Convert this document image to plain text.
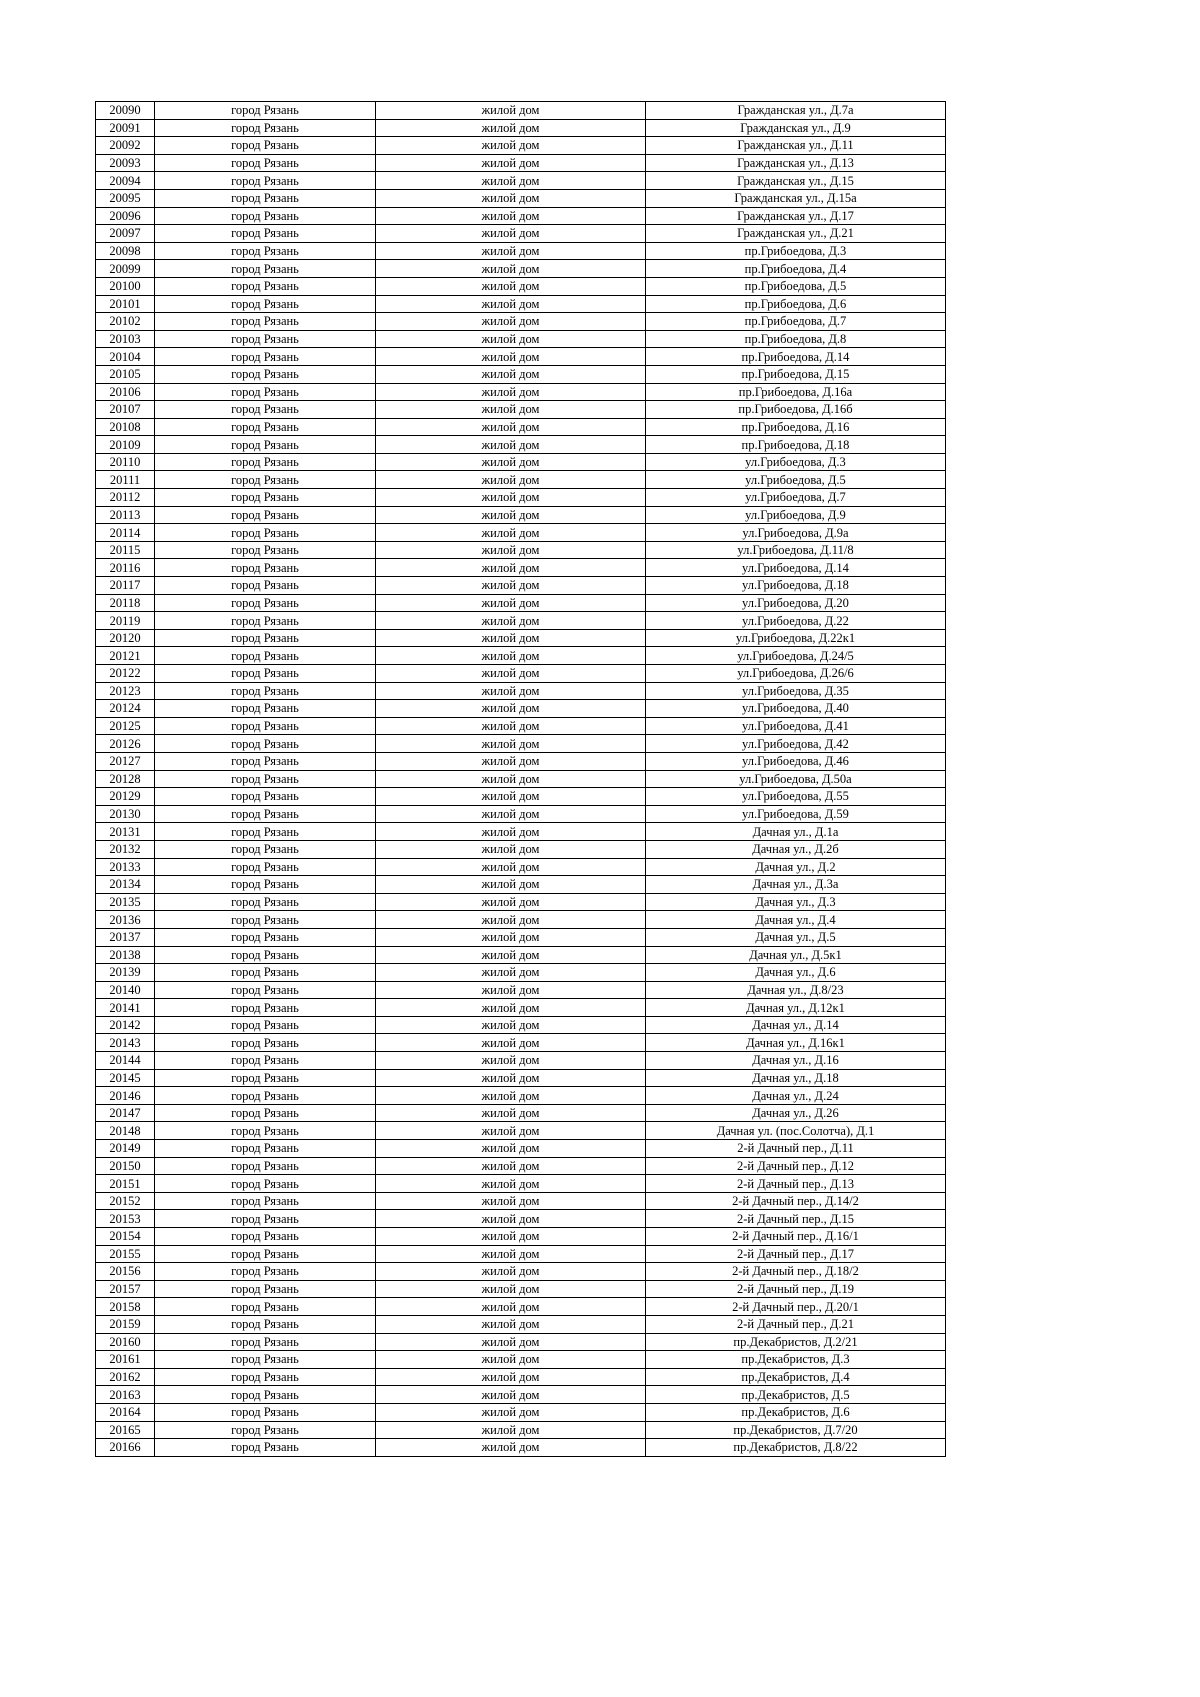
20090	город Рязань	жилой дом	Гражданская ул., Д.7а
20091	город Рязань	жилой дом	Гражданская ул., Д.9
20092	город Рязань	жилой дом	Гражданская ул., Д.11
20093	город Рязань	жилой дом	Гражданская ул., Д.13
20094	город Рязань	жилой дом	Гражданская ул., Д.15
20095	город Рязань	жилой дом	Гражданская ул., Д.15а
20096	город Рязань	жилой дом	Гражданская ул., Д.17
20097	город Рязань	жилой дом	Гражданская ул., Д.21
20098	город Рязань	жилой дом	пр.Грибоедова, Д.3
20099	город Рязань	жилой дом	пр.Грибоедова, Д.4
20100	город Рязань	жилой дом	пр.Грибоедова, Д.5
20101	город Рязань	жилой дом	пр.Грибоедова, Д.6
20102	город Рязань	жилой дом	пр.Грибоедова, Д.7
20103	город Рязань	жилой дом	пр.Грибоедова, Д.8
20104	город Рязань	жилой дом	пр.Грибоедова, Д.14
20105	город Рязань	жилой дом	пр.Грибоедова, Д.15
20106	город Рязань	жилой дом	пр.Грибоедова, Д.16а
20107	город Рязань	жилой дом	пр.Грибоедова, Д.16б
20108	город Рязань	жилой дом	пр.Грибоедова, Д.16
20109	город Рязань	жилой дом	пр.Грибоедова, Д.18
20110	город Рязань	жилой дом	ул.Грибоедова, Д.3
20111	город Рязань	жилой дом	ул.Грибоедова, Д.5
20112	город Рязань	жилой дом	ул.Грибоедова, Д.7
20113	город Рязань	жилой дом	ул.Грибоедова, Д.9
20114	город Рязань	жилой дом	ул.Грибоедова, Д.9а
20115	город Рязань	жилой дом	ул.Грибоедова, Д.11/8
20116	город Рязань	жилой дом	ул.Грибоедова, Д.14
20117	город Рязань	жилой дом	ул.Грибоедова, Д.18
20118	город Рязань	жилой дом	ул.Грибоедова, Д.20
20119	город Рязань	жилой дом	ул.Грибоедова, Д.22
20120	город Рязань	жилой дом	ул.Грибоедова, Д.22к1
20121	город Рязань	жилой дом	ул.Грибоедова, Д.24/5
20122	город Рязань	жилой дом	ул.Грибоедова, Д.26/6
20123	город Рязань	жилой дом	ул.Грибоедова, Д.35
20124	город Рязань	жилой дом	ул.Грибоедова, Д.40
20125	город Рязань	жилой дом	ул.Грибоедова, Д.41
20126	город Рязань	жилой дом	ул.Грибоедова, Д.42
20127	город Рязань	жилой дом	ул.Грибоедова, Д.46
20128	город Рязань	жилой дом	ул.Грибоедова, Д.50а
20129	город Рязань	жилой дом	ул.Грибоедова, Д.55
20130	город Рязань	жилой дом	ул.Грибоедова, Д.59
20131	город Рязань	жилой дом	Дачная ул., Д.1а
20132	город Рязань	жилой дом	Дачная ул., Д.2б
20133	город Рязань	жилой дом	Дачная ул., Д.2
20134	город Рязань	жилой дом	Дачная ул., Д.3а
20135	город Рязань	жилой дом	Дачная ул., Д.3
20136	город Рязань	жилой дом	Дачная ул., Д.4
20137	город Рязань	жилой дом	Дачная ул., Д.5
20138	город Рязань	жилой дом	Дачная ул., Д.5к1
20139	город Рязань	жилой дом	Дачная ул., Д.6
20140	город Рязань	жилой дом	Дачная ул., Д.8/23
20141	город Рязань	жилой дом	Дачная ул., Д.12к1
20142	город Рязань	жилой дом	Дачная ул., Д.14
20143	город Рязань	жилой дом	Дачная ул., Д.16к1
20144	город Рязань	жилой дом	Дачная ул., Д.16
20145	город Рязань	жилой дом	Дачная ул., Д.18
20146	город Рязань	жилой дом	Дачная ул., Д.24
20147	город Рязань	жилой дом	Дачная ул., Д.26
20148	город Рязань	жилой дом	Дачная ул. (пос.Солотча), Д.1
20149	город Рязань	жилой дом	2-й Дачный пер., Д.11
20150	город Рязань	жилой дом	2-й Дачный пер., Д.12
20151	город Рязань	жилой дом	2-й Дачный пер., Д.13
20152	город Рязань	жилой дом	2-й Дачный пер., Д.14/2
20153	город Рязань	жилой дом	2-й Дачный пер., Д.15
20154	город Рязань	жилой дом	2-й Дачный пер., Д.16/1
20155	город Рязань	жилой дом	2-й Дачный пер., Д.17
20156	город Рязань	жилой дом	2-й Дачный пер., Д.18/2
20157	город Рязань	жилой дом	2-й Дачный пер., Д.19
20158	город Рязань	жилой дом	2-й Дачный пер., Д.20/1
20159	город Рязань	жилой дом	2-й Дачный пер., Д.21
20160	город Рязань	жилой дом	пр.Декабристов, Д.2/21
20161	город Рязань	жилой дом	пр.Декабристов, Д.3
20162	город Рязань	жилой дом	пр.Декабристов, Д.4
20163	город Рязань	жилой дом	пр.Декабристов, Д.5
20164	город Рязань	жилой дом	пр.Декабристов, Д.6
20165	город Рязань	жилой дом	пр.Декабристов, Д.7/20
20166	город Рязань	жилой дом	пр.Декабристов, Д.8/22
